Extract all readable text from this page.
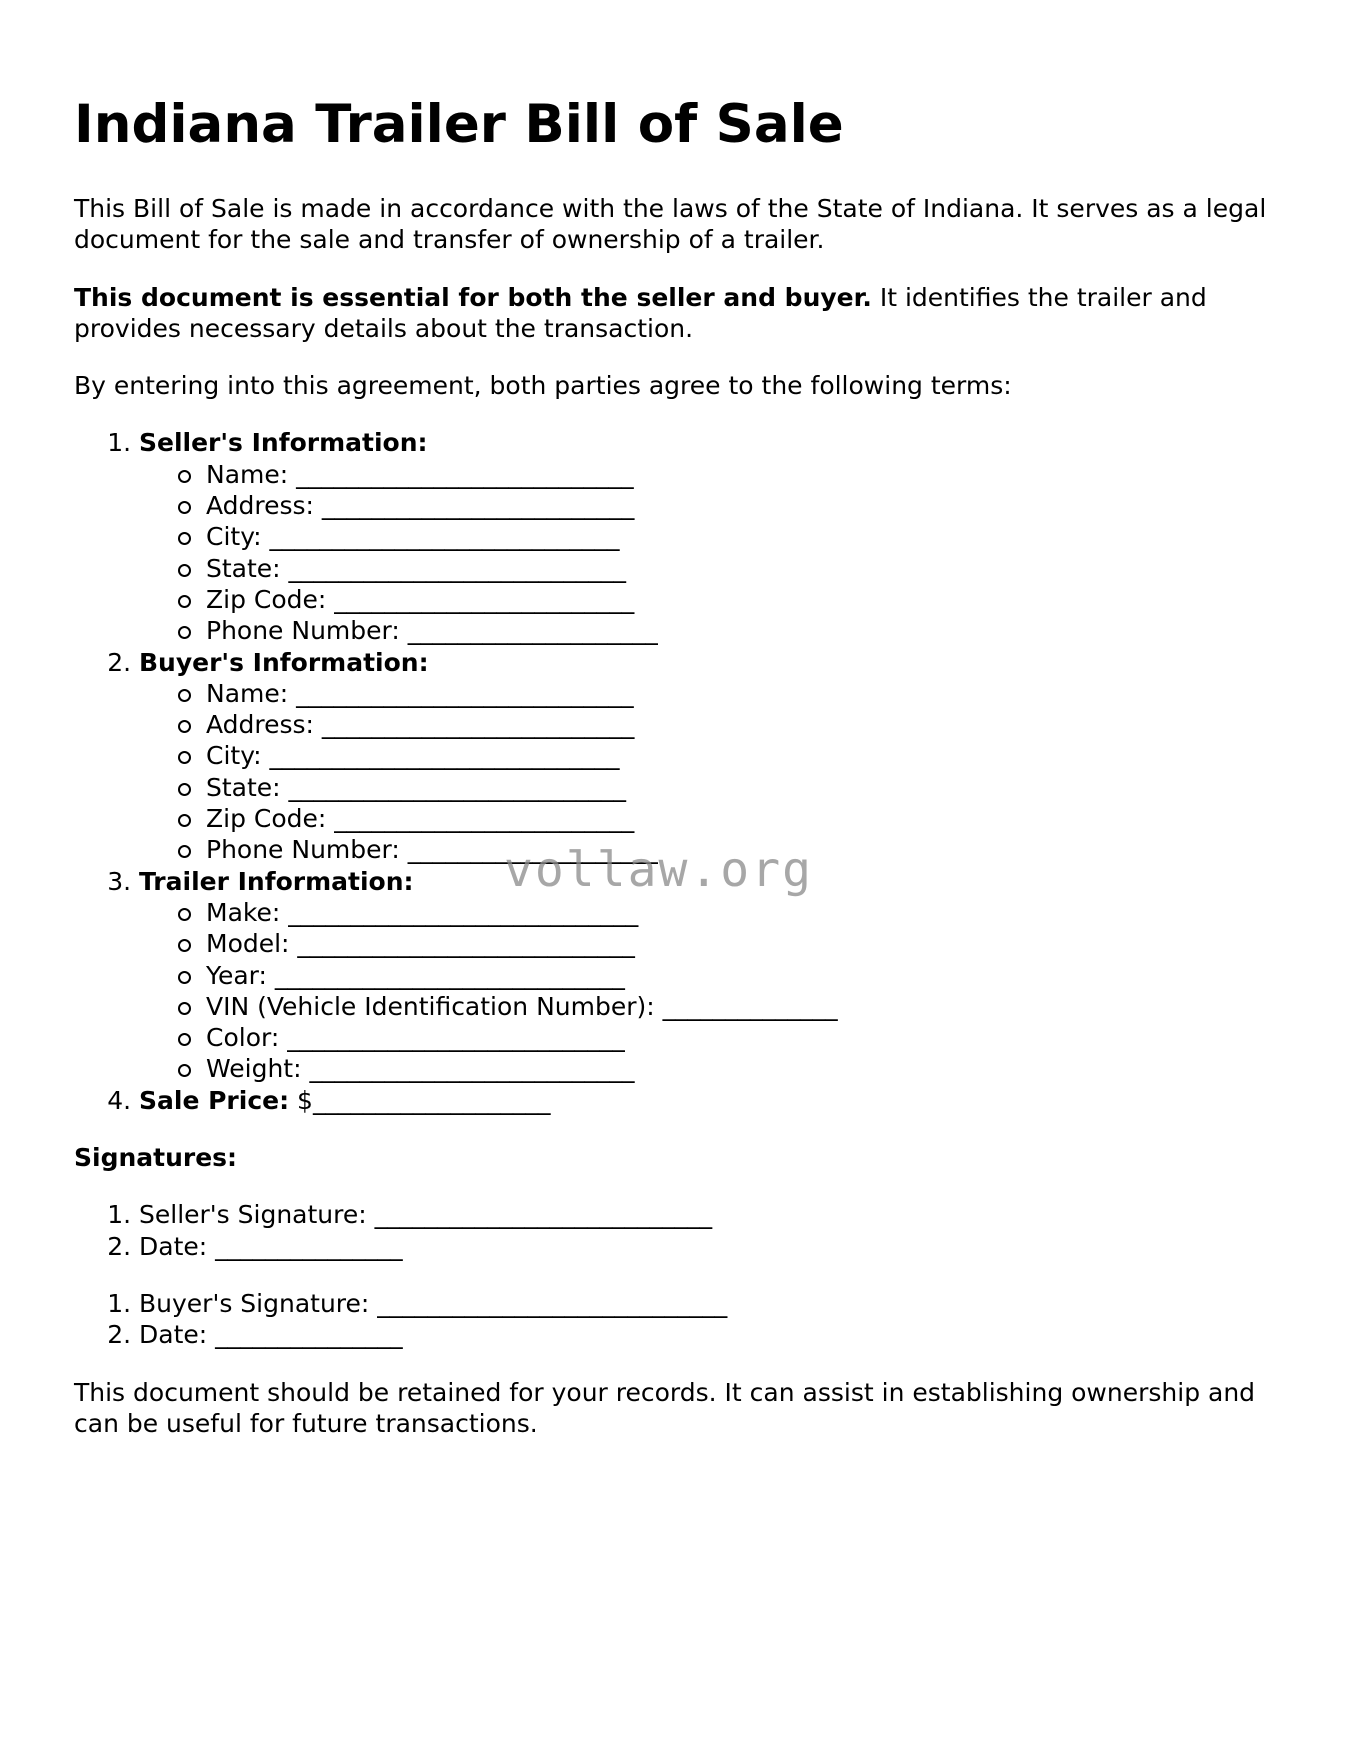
Indiana Trailer Bill of Sale

This Bill of Sale is made in accordance with the laws of the State of Indiana. It serves as a legal document for the sale and transfer of ownership of a trailer.

This document is essential for both the seller and buyer. It identifies the trailer and provides necessary details about the transaction.

By entering into this agreement, both parties agree to the following terms:

1. Seller's Information:
Name: ___________________________
Address: _________________________
City: ____________________________
State: ___________________________
Zip Code: ________________________
Phone Number: ____________________
2. Buyer's Information:
Name: ___________________________
Address: _________________________
City: ____________________________
State: ___________________________
Zip Code: ________________________
Phone Number: ____________________
3. Trailer Information:
Make: ____________________________
Model: ___________________________
Year: ____________________________
VIN (Vehicle Identification Number): ______________
Color: ___________________________
Weight: __________________________
4. Sale Price: $___________________

Signatures:

1. Seller's Signature: ___________________________
2. Date: _______________
1. Buyer's Signature: ____________________________
2. Date: _______________

This document should be retained for your records. It can assist in establishing ownership and can be useful for future transactions.

vollaw.org
